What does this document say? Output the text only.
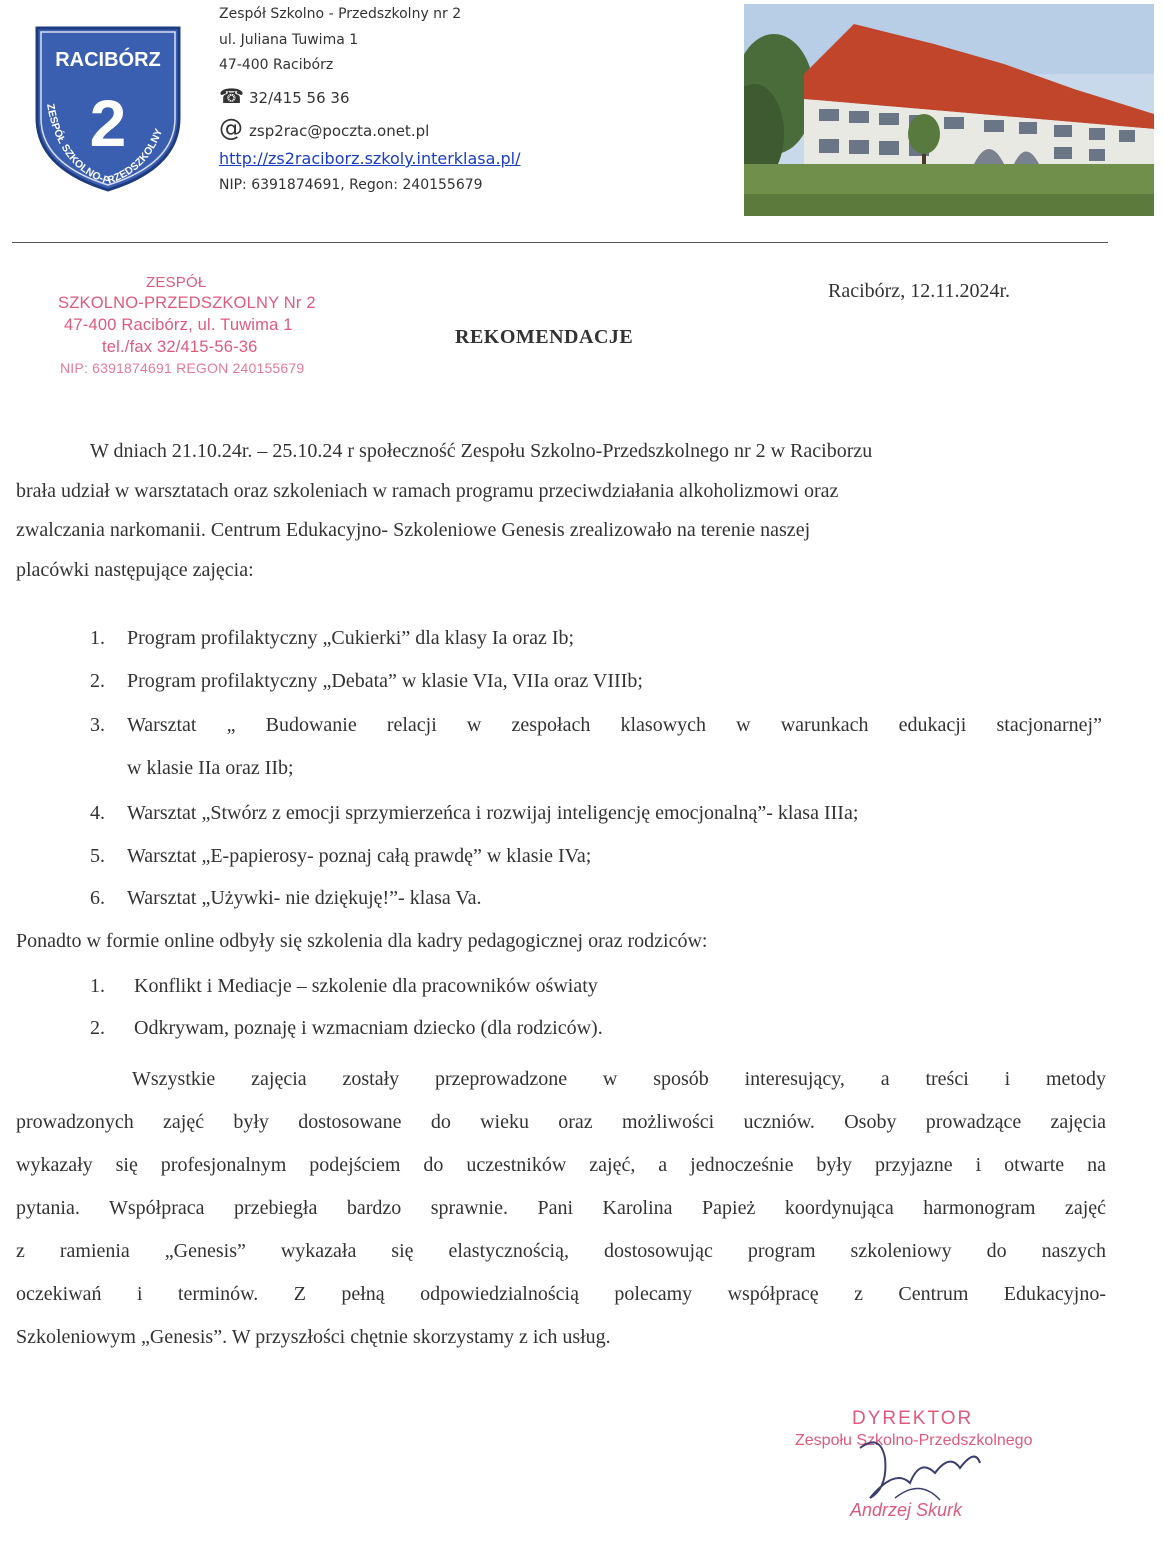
RACIBÓRZ
2
ZESPÓŁ SZKOLNO-PRZEDSZKOLNY
Zespół Szkolno - Przedszkolny nr 2
ul. Juliana Tuwima 1
47-400 Racibórz
☎ 32/415 56 36
@ zsp2rac@poczta.onet.pl
http://zs2raciborz.szkoly.interklasa.pl/
NIP: 6391874691, Regon: 240155679
ZESPÓŁ
SZKOLNO-PRZEDSZKOLNY Nr 2
47-400 Racibórz, ul. Tuwima 1
tel./fax 32/415-56-36
NIP: 6391874691 REGON 240155679
Racibórz, 12.11.2024r.
REKOMENDACJE
W dniach 21.10.24r. – 25.10.24 r społeczność Zespołu Szkolno-Przedszkolnego nr 2 w Raciborzu
brała udział w warsztatach oraz szkoleniach w ramach programu przeciwdziałania alkoholizmowi oraz
zwalczania narkomanii. Centrum Edukacyjno- Szkoleniowe Genesis zrealizowało na terenie naszej
placówki następujące zajęcia:
1. Program profilaktyczny „Cukierki” dla klasy Ia oraz Ib;
2. Program profilaktyczny „Debata” w klasie VIa, VIIa oraz VIIIb;
3. Warsztat „ Budowanie relacji w zespołach klasowych w warunkach edukacji stacjonarnej”
w klasie IIa oraz IIb;
4. Warsztat „Stwórz z emocji sprzymierzeńca i rozwijaj inteligencję emocjonalną”- klasa IIIa;
5. Warsztat „E-papierosy- poznaj całą prawdę” w klasie IVa;
6. Warsztat „Używki- nie dziękuję!”- klasa Va.
Ponadto w formie online odbyły się szkolenia dla kadry pedagogicznej oraz rodziców:
1. Konflikt i Mediacje – szkolenie dla pracowników oświaty
2. Odkrywam, poznaję i wzmacniam dziecko (dla rodziców).
Wszystkie zajęcia zostały przeprowadzone w sposób interesujący, a treści i metody
prowadzonych zajęć były dostosowane do wieku oraz możliwości uczniów. Osoby prowadzące zajęcia
wykazały się profesjonalnym podejściem do uczestników zajęć, a jednocześnie były przyjazne i otwarte na
pytania. Współpraca przebiegła bardzo sprawnie. Pani Karolina Papież koordynująca harmonogram zajęć
z ramienia „Genesis” wykazała się elastycznością, dostosowując program szkoleniowy do naszych
oczekiwań i terminów. Z pełną odpowiedzialnością polecamy współpracę z Centrum Edukacyjno-
Szkoleniowym „Genesis”. W przyszłości chętnie skorzystamy z ich usług.
DYREKTOR
Zespołu Szkolno-Przedszkolnego
Andrzej Skurk
